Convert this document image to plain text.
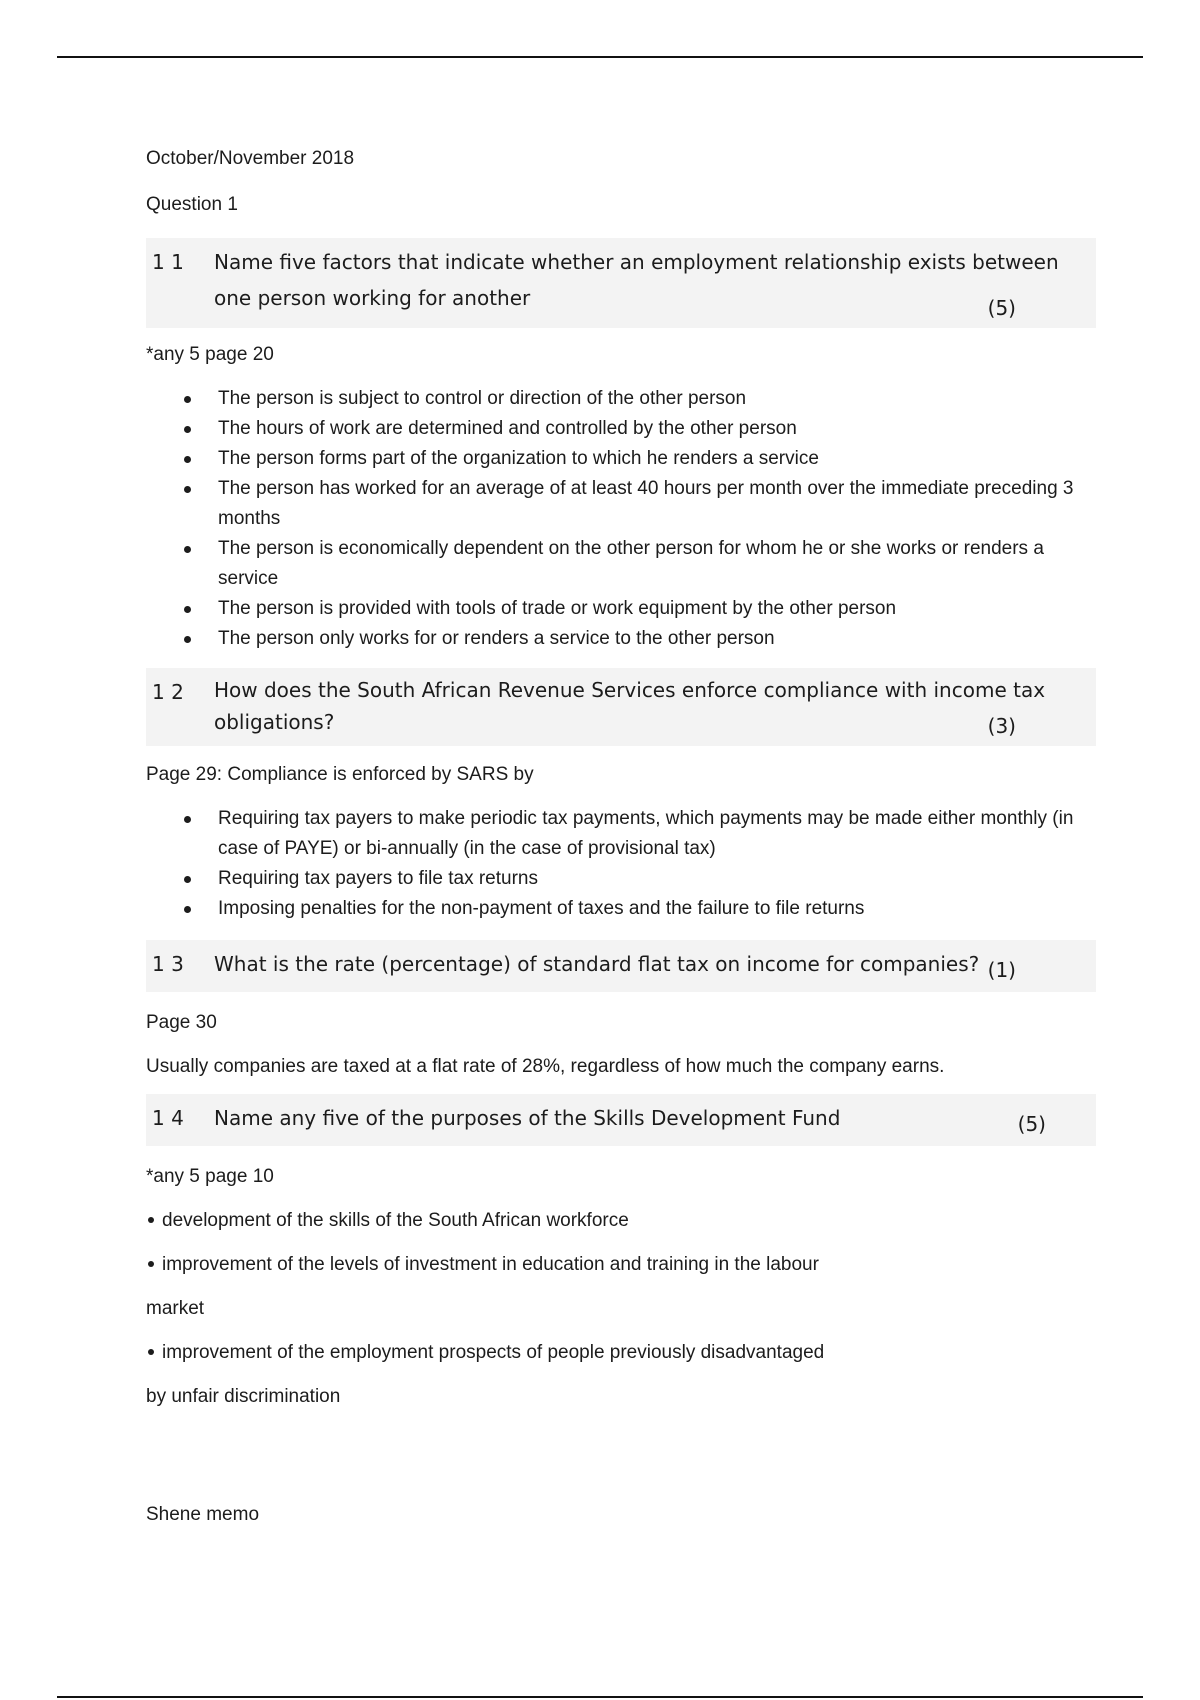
October/November 2018

Question 1

1 1	Name five factors that indicate whether an employment relationship exists between one person working for another	(5)

*any 5 page 20

The person is subject to control or direction of the other person
The hours of work are determined and controlled by the other person
The person forms part of the organization to which he renders a service
The person has worked for an average of at least 40 hours per month over the immediate preceding 3 months
The person is economically dependent on the other person for whom he or she works or renders a service
The person is provided with tools of trade or work equipment by the other person
The person only works for or renders a service to the other person
1 2	How does the South African Revenue Services enforce compliance with income tax obligations?	(3)

Page 29: Compliance is enforced by SARS by

Requiring tax payers to make periodic tax payments, which payments may be made either monthly (in case of PAYE) or bi-annually (in the case of provisional tax)
Requiring tax payers to file tax returns
Imposing penalties for the non-payment of taxes and the failure to file returns
1 3	What is the rate (percentage) of standard flat tax on income for companies? (1)

Page 30

Usually companies are taxed at a flat rate of 28%, regardless of how much the company earns.

1 4	Name any five of the purposes of the Skills Development Fund	(5)

*any 5 page 10

development of the skills of the South African workforce

improvement of the levels of investment in education and training in the labour

market

improvement of the employment prospects of people previously disadvantaged

by unfair discrimination

Shene memo
